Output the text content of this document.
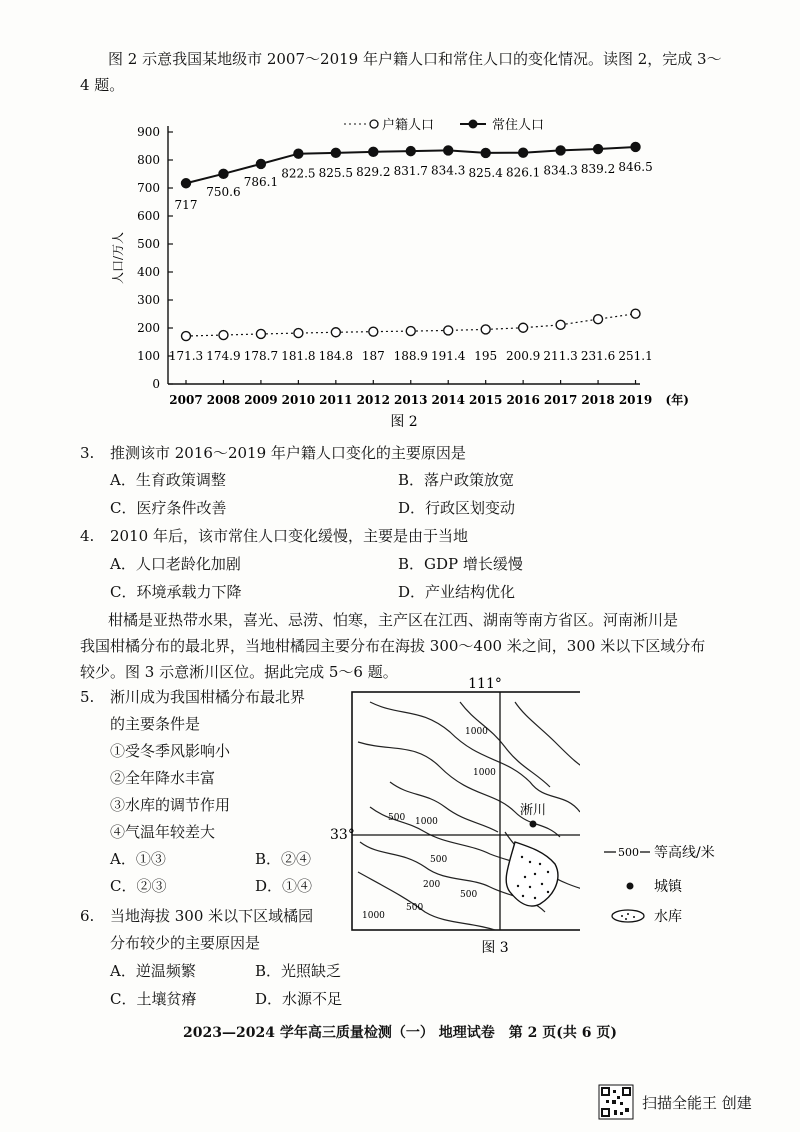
图 2 示意我国某地级市 2007～2019 年户籍人口和常住人口的变化情况。读图 2，完成 3～
4 题。
0
100
200
300
400
500
600
700
800
900
2007 2008 2009 2010 2011 2012 2013 2014 2015 2016 2017 2018 2019 (年)
人口/万人
171.3 174.9 178.7 181.8 184.8 187 188.9 191.4 195 200.9 211.3 231.6 251.1
717
750.6
786.1
822.5 825.5 829.2 831.7 834.3 825.4 826.1 834.3 839.2 846.5
户籍人口	常住人口
图 2
3. 推测该市 2016～2019 年户籍人口变化的主要原因是
A．生育政策调整	B．落户政策放宽
C．医疗条件改善	D．行政区划变动
4. 2010 年后，该市常住人口变化缓慢，主要是由于当地
A．人口老龄化加剧	B．GDP 增长缓慢
C．环境承载力下降	D．产业结构优化
柑橘是亚热带水果，喜光、忌涝、怕寒，主产区在江西、湖南等南方省区。河南淅川是
我国柑橘分布的最北界，当地柑橘园主要分布在海拔 300～400 米之间，300 米以下区域分布
较少。图 3 示意淅川区位。据此完成 5～6 题。
5. 淅川成为我国柑橘分布最北界
的主要条件是
①受冬季风影响小
②全年降水丰富
③水库的调节作用
④气温年较差大
A．①③	B．②④
C．②③	D．①④
6. 当地海拔 300 米以下区域橘园
分布较少的主要原因是
A．逆温频繁	B．光照缺乏
C．土壤贫瘠	D．水源不足
111°
33°
淅川
1000
1000
1000
500
500
200
500
500
1000
图 3
500 等高线/米
城镇
水库
2023—2024 学年高三质量检测（一） 地理试卷　第 2 页(共 6 页)
扫描全能王 创建
